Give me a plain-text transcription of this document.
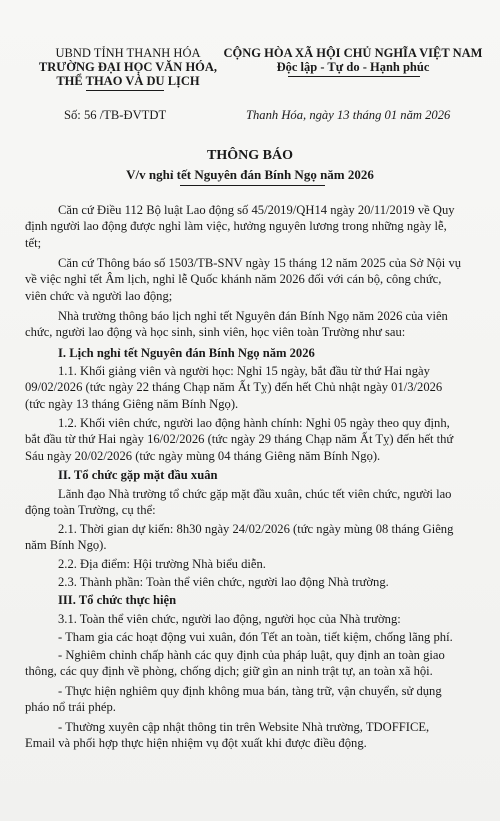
UBND TỈNH THANH HÓA
TRƯỜNG ĐẠI HỌC VĂN HÓA,
THỂ THAO VÀ DU LỊCH
CỘNG HÒA XÃ HỘI CHỦ NGHĨA VIỆT NAM
Độc lập - Tự do - Hạnh phúc
Số: 56 /TB-ĐVTDT	Thanh Hóa, ngày 13 tháng 01 năm 2026
THÔNG BÁO
V/v nghỉ tết Nguyên đán Bính Ngọ năm 2026
Căn cứ Điều 112 Bộ luật Lao động số 45/2019/QH14 ngày 20/11/2019 về Quy
định người lao động được nghỉ làm việc, hưởng nguyên lương trong những ngày lễ,
tết;
Căn cứ Thông báo số 1503/TB-SNV ngày 15 tháng 12 năm 2025 của Sở Nội vụ
về việc nghỉ tết Âm lịch, nghỉ lễ Quốc khánh năm 2026 đối với cán bộ, công chức,
viên chức và người lao động;
Nhà trường thông báo lịch nghỉ tết Nguyên đán Bính Ngọ năm 2026 của viên
chức, người lao động và học sinh, sinh viên, học viên toàn Trường như sau:
I. Lịch nghỉ tết Nguyên đán Bính Ngọ năm 2026
1.1. Khối giảng viên và người học: Nghỉ 15 ngày, bắt đầu từ thứ Hai ngày
09/02/2026 (tức ngày 22 tháng Chạp năm Ất Tỵ) đến hết Chủ nhật ngày 01/3/2026
(tức ngày 13 tháng Giêng năm Bính Ngọ).
1.2. Khối viên chức, người lao động hành chính: Nghỉ 05 ngày theo quy định,
bắt đầu từ thứ Hai ngày 16/02/2026 (tức ngày 29 tháng Chạp năm Ất Tỵ) đến hết thứ
Sáu ngày 20/02/2026 (tức ngày mùng 04 tháng Giêng năm Bính Ngọ).
II. Tổ chức gặp mặt đầu xuân
Lãnh đạo Nhà trường tổ chức gặp mặt đầu xuân, chúc tết viên chức, người lao
động toàn Trường, cụ thể:
2.1. Thời gian dự kiến: 8h30 ngày 24/02/2026 (tức ngày mùng 08 tháng Giêng
năm Bính Ngọ).
2.2. Địa điểm: Hội trường Nhà biểu diễn.
2.3. Thành phần: Toàn thể viên chức, người lao động Nhà trường.
III. Tổ chức thực hiện
3.1. Toàn thể viên chức, người lao động, người học của Nhà trường:
- Tham gia các hoạt động vui xuân, đón Tết an toàn, tiết kiệm, chống lãng phí.
- Nghiêm chỉnh chấp hành các quy định của pháp luật, quy định an toàn giao
thông, các quy định về phòng, chống dịch; giữ gìn an ninh trật tự, an toàn xã hội.
- Thực hiện nghiêm quy định không mua bán, tàng trữ, vận chuyển, sử dụng
pháo nổ trái phép.
- Thường xuyên cập nhật thông tin trên Website Nhà trường, TDOFFICE,
Email và phối hợp thực hiện nhiệm vụ đột xuất khi được điều động.
